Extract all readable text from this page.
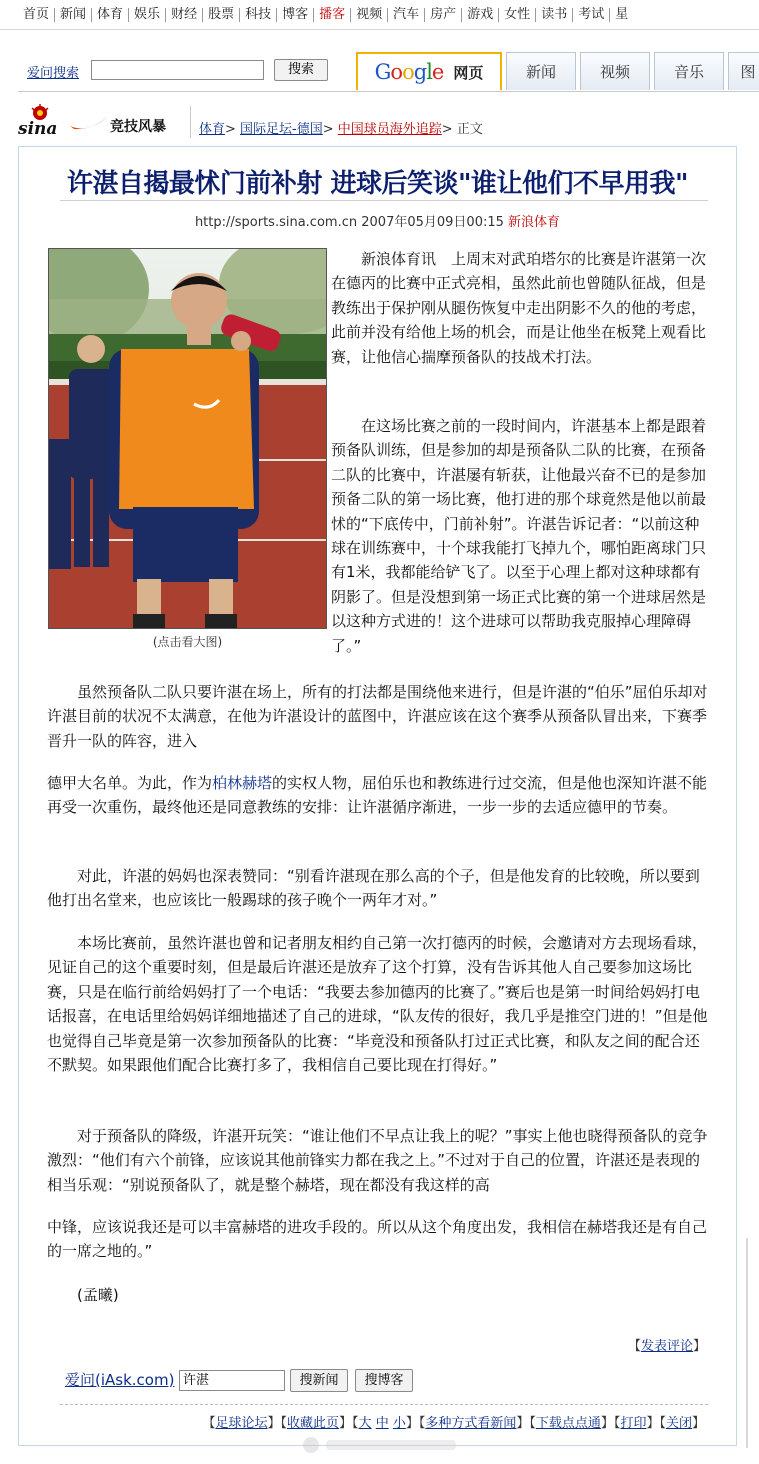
首页 新闻 体育 娱乐 财经 股票 科技 博客 播客 视频 汽车 房产 游戏 女性 读书 考试 星
爱问搜索	搜索	Google 网页	新闻	视频	音乐	图
sina	竞技风暴	体育> 国际足坛-德国> 中国球员海外追踪> 正文
许湛自揭最怵门前补射 进球后笑谈"谁让他们不早用我"
http://sports.sina.com.cn 2007年05月09日00:15 新浪体育
(点击看大图)
新浪体育讯　上周末对武珀塔尔的比赛是许湛第一次在德丙的比赛中正式亮相，虽然此前也曾随队征战，但是教练出于保护刚从腿伤恢复中走出阴影不久的他的考虑，此前并没有给他上场的机会，而是让他坐在板凳上观看比赛，让他信心揣摩预备队的技战术打法。
在这场比赛之前的一段时间内，许湛基本上都是跟着预备队训练，但是参加的却是预备队二队的比赛，在预备二队的比赛中，许湛屡有斩获，让他最兴奋不已的是参加预备二队的第一场比赛，他打进的那个球竟然是他以前最怵的“下底传中，门前补射”。许湛告诉记者：“以前这种球在训练赛中，十个球我能打飞掉九个，哪怕距离球门只有1米，我都能给铲飞了。以至于心理上都对这种球都有阴影了。但是没想到第一场正式比赛的第一个进球居然是以这种方式进的！这个进球可以帮助我克服掉心理障碍了。”
虽然预备队二队只要许湛在场上，所有的打法都是围绕他来进行，但是许湛的“伯乐”屈伯乐却对许湛目前的状况不太满意，在他为许湛设计的蓝图中，许湛应该在这个赛季从预备队冒出来，下赛季晋升一队的阵容，进入
德甲大名单。为此，作为柏林赫塔的实权人物，屈伯乐也和教练进行过交流，但是他也深知许湛不能再受一次重伤，最终他还是同意教练的安排：让许湛循序渐进，一步一步的去适应德甲的节奏。
对此，许湛的妈妈也深表赞同：“别看许湛现在那么高的个子，但是他发育的比较晚，所以要到他打出名堂来，也应该比一般踢球的孩子晚个一两年才对。”
本场比赛前，虽然许湛也曾和记者朋友相约自己第一次打德丙的时候，会邀请对方去现场看球，见证自己的这个重要时刻，但是最后许湛还是放弃了这个打算，没有告诉其他人自己要参加这场比赛，只是在临行前给妈妈打了一个电话：“我要去参加德丙的比赛了。”赛后也是第一时间给妈妈打电话报喜，在电话里给妈妈详细地描述了自己的进球，“队友传的很好，我几乎是推空门进的！”但是他也觉得自己毕竟是第一次参加预备队的比赛：“毕竟没和预备队打过正式比赛，和队友之间的配合还不默契。如果跟他们配合比赛打多了，我相信自己要比现在打得好。”
对于预备队的降级，许湛开玩笑：“谁让他们不早点让我上的呢？”事实上他也晓得预备队的竞争激烈：“他们有六个前锋，应该说其他前锋实力都在我之上。”不过对于自己的位置，许湛还是表现的相当乐观：“别说预备队了，就是整个赫塔，现在都没有我这样的高
中锋，应该说我还是可以丰富赫塔的进攻手段的。所以从这个角度出发，我相信在赫塔我还是有自己的一席之地的。”
(孟曦)
【发表评论】
爱问(iAsk.com) 许湛	搜新闻	搜博客
【足球论坛】【收藏此页】【大 中 小】【多种方式看新闻】【下载点点通】【打印】【关闭】
